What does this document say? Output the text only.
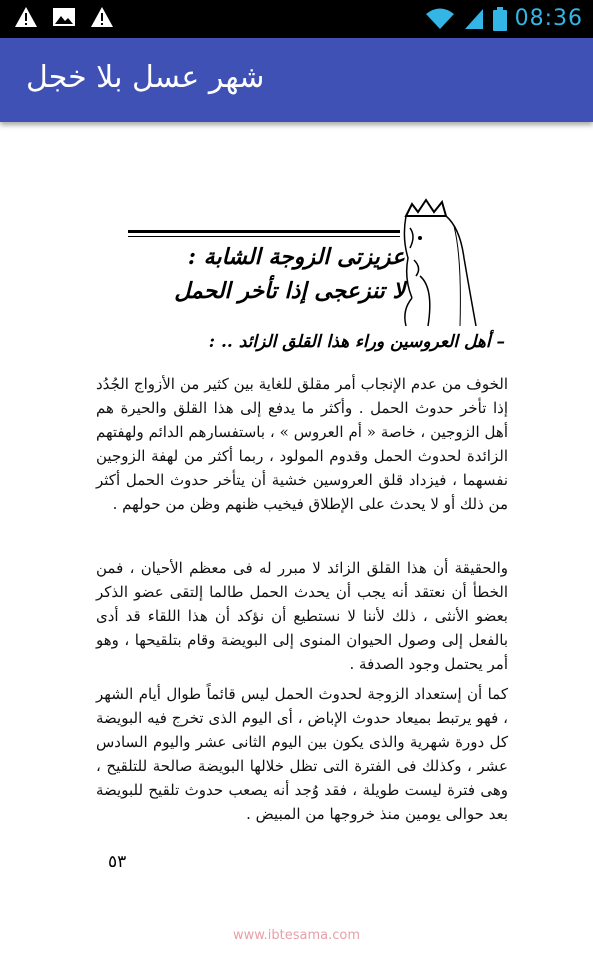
08:36
شهر عسل بلا خجل
عزيزتى الزوجة الشابة :
لا تنزعجى إذا تأخر الحمل
– أهل العروسين وراء هذا القلق الزائد .. :
الخوف من عدم الإنجاب أمر مقلق للغاية بين كثير من الأزواج الجُدُد إذا تأخر حدوث الحمل . وأكثر ما يدفع إلى هذا القلق والحيرة هم أهل الزوجين ، خاصة « أم العروس » ، باستفسارهم الدائم ولهفتهم الزائدة لحدوث الحمل وقدوم المولود ، ربما أكثر من لهفة الزوجين نفسهما ، فيزداد قلق العروسين خشية أن يتأخر حدوث الحمل أكثر من ذلك أو لا يحدث على الإطلاق فيخيب ظنهم وظن من حولهم .
والحقيقة أن هذا القلق الزائد لا مبرر له فى معظم الأحيان ، فمن الخطأ أن نعتقد أنه يجب أن يحدث الحمل طالما إلتقى عضو الذكر بعضو الأنثى ، ذلك لأننا لا نستطيع أن نؤكد أن هذا اللقاء قد أدى بالفعل إلى وصول الحيوان المنوى إلى البويضة وقام بتلقيحها ، وهو أمر يحتمل وجود الصدفة .
كما أن إستعداد الزوجة لحدوث الحمل ليس قائماً طوال أيام الشهر ، فهو يرتبط بميعاد حدوث الإباض ، أى اليوم الذى تخرج فيه البويضة كل دورة شهرية والذى يكون بين اليوم الثانى عشر واليوم السادس عشر ، وكذلك فى الفترة التى تظل خلالها البويضة صالحة للتلقيح ، وهى فترة ليست طويلة ، فقد وُجد أنه يصعب حدوث تلقيح للبويضة بعد حوالى يومين منذ خروجها من المبيض .
٥٣
www.ibtesama.com
